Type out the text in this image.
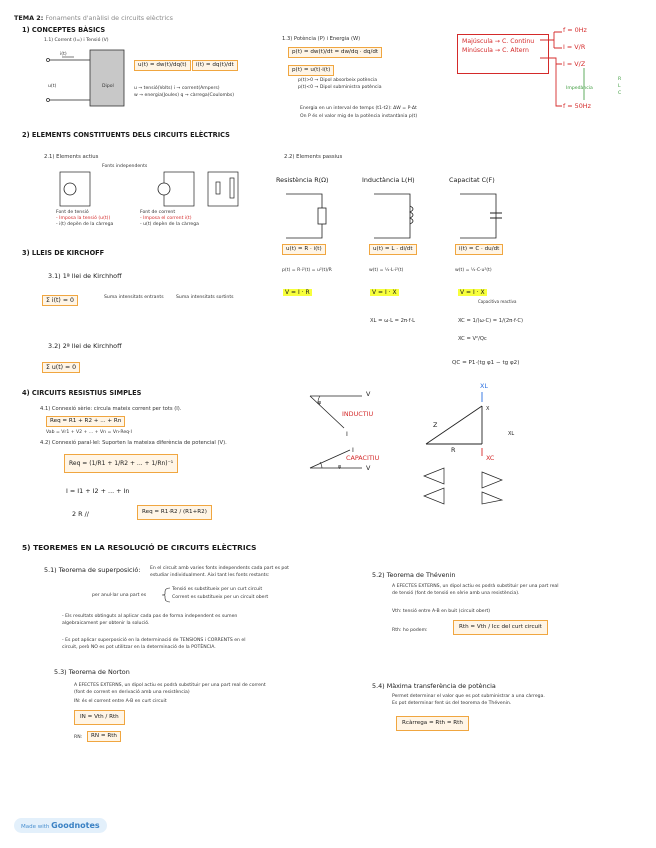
TEMA 2: Fonaments d'anàlisi de circuits elèctrics
1) CONCEPTES BÀSICS
1.1) Corrent (I=) i Tensió (V)
Dipol
u(t)
i(t)
u(t) = dw(t)/dq(t)	i(t) = dq(t)/dt
u → tensió(Volts) i → corrent(Ampers)
w → energia(Joules) q → càrrega(Coulombs)
1.3) Potència (P) i Energia (W)
p(t) = dw(t)/dt = dw/dq · dq/dt
p(t) = u(t)·i(t)
p(t)>0 → Dipol absorbeix potència
p(t)<0 → Dipol subministra potència
Energia en un interval de temps (t1-t2): ΔW = P·Δt
On P és el valor mig de la potència instantània p(t)
Majúscula → C. Continu
Minúscula → C. Altern
f = 0Hz
I = V/R
I = V/Z
Impedància
f = 50Hz
R L C
2) ELEMENTS CONSTITUENTS DELS CIRCUITS ELÈCTRICS
2.1) Elements actius
Fonts independents
Font de tensió
- Imposa la tensió (u(t))
- i(t) depèn de la càrrega
Font de corrent
- Imposa el corrent i(t)
- u(t) depèn de la càrrega
2.2) Elements passius
Resistència R(Ω)	Inductància L(H)	Capacitat C(F)
u(t) = R · i(t)	u(t) = L · di/dt	i(t) = C · du/dt
p(t) = R·i²(t) = u²(t)/R	w(t) = ½·L·i²(t)	w(t) = ½·C·u²(t)
V = I · R	V = I · X	V = I · X
Capacitiva reactiva
XL = ω·L = 2π·f·L	XC = 1/(ω·C) = 1/(2π·f·C)
XC = V²/Qc
QC = P1·(tg φ1 − tg φ2)
3) LLEIS DE KIRCHOFF
3.1) 1ª llei de Kirchhoff
Σ i(t) = 0	Suma intensitats entrants	Suma intensitats sortints
3.2) 2ª llei de Kirchhoff
Σ u(t) = 0
4) CIRCUITS RESISTIUS SIMPLES
4.1) Connexió sèrie: circula mateix corrent per tots (I).
Req = R1 + R2 + ... + Rn
Vab = Vr1 + V2 + ... + Vn = Vn·Req·I
4.2) Connexió paral·lel: Suporten la mateixa diferència de potencial (V).
Req = (1/R1 + 1/R2 + ... + 1/Rn)⁻¹
I = I1 + I2 + ... + In
2 R //	Req = R1·R2 / (R1+R2)
φ
V
I
INDUCTIU
CAPACITIU
φ
I
V
Z
R
XL
X
XL
XC
5) TEOREMES EN LA RESOLUCIÓ DE CIRCUITS ELÈCTRICS
5.1) Teorema de superposició: En el circuit amb varies fonts independents cada part es pot
estudiar individualment. Així tant les fonts restants:
per anul·lar una part es
Tensió es substitueix per un curt circuit
Corrent es substitueix per un circuit obert
- Els resultats obtinguts al aplicar cada pas de forma independent es sumen
algebraicament per obtenir la solució.
- Es pot aplicar superposició en la determinació de TENSIONS i CORRENTS en el
circuit, però NO es pot utilitzar en la determinació de la POTÈNCIA.
5.2) Teorema de Thévenin
A EFECTES EXTERNS, un dipol actiu es podrà substituir per una part real
de tensió (font de tensió en sèrie amb una resistència).
Vth: tensió entre A-B en buit (circuit obert)
Rth: ho podem:
Rth = Vth / Icc del curt circuit
5.3) Teorema de Norton
A EFECTES EXTERNS, un dipol actiu es podrà substituir per una part real de corrent
(font de corrent en derivació amb una resistència)
IN: és el corrent entre A-B en curt circuit
IN = Vth / Rth
RN:	RN = Rth
5.4) Màxima transferència de potència
Permet determinar el valor que es pot subministrar a una càrrega.
Es pot determinar fent ús del teorema de Thévenin.
Rcàrrega = Rth = Rth
Made with Goodnotes
